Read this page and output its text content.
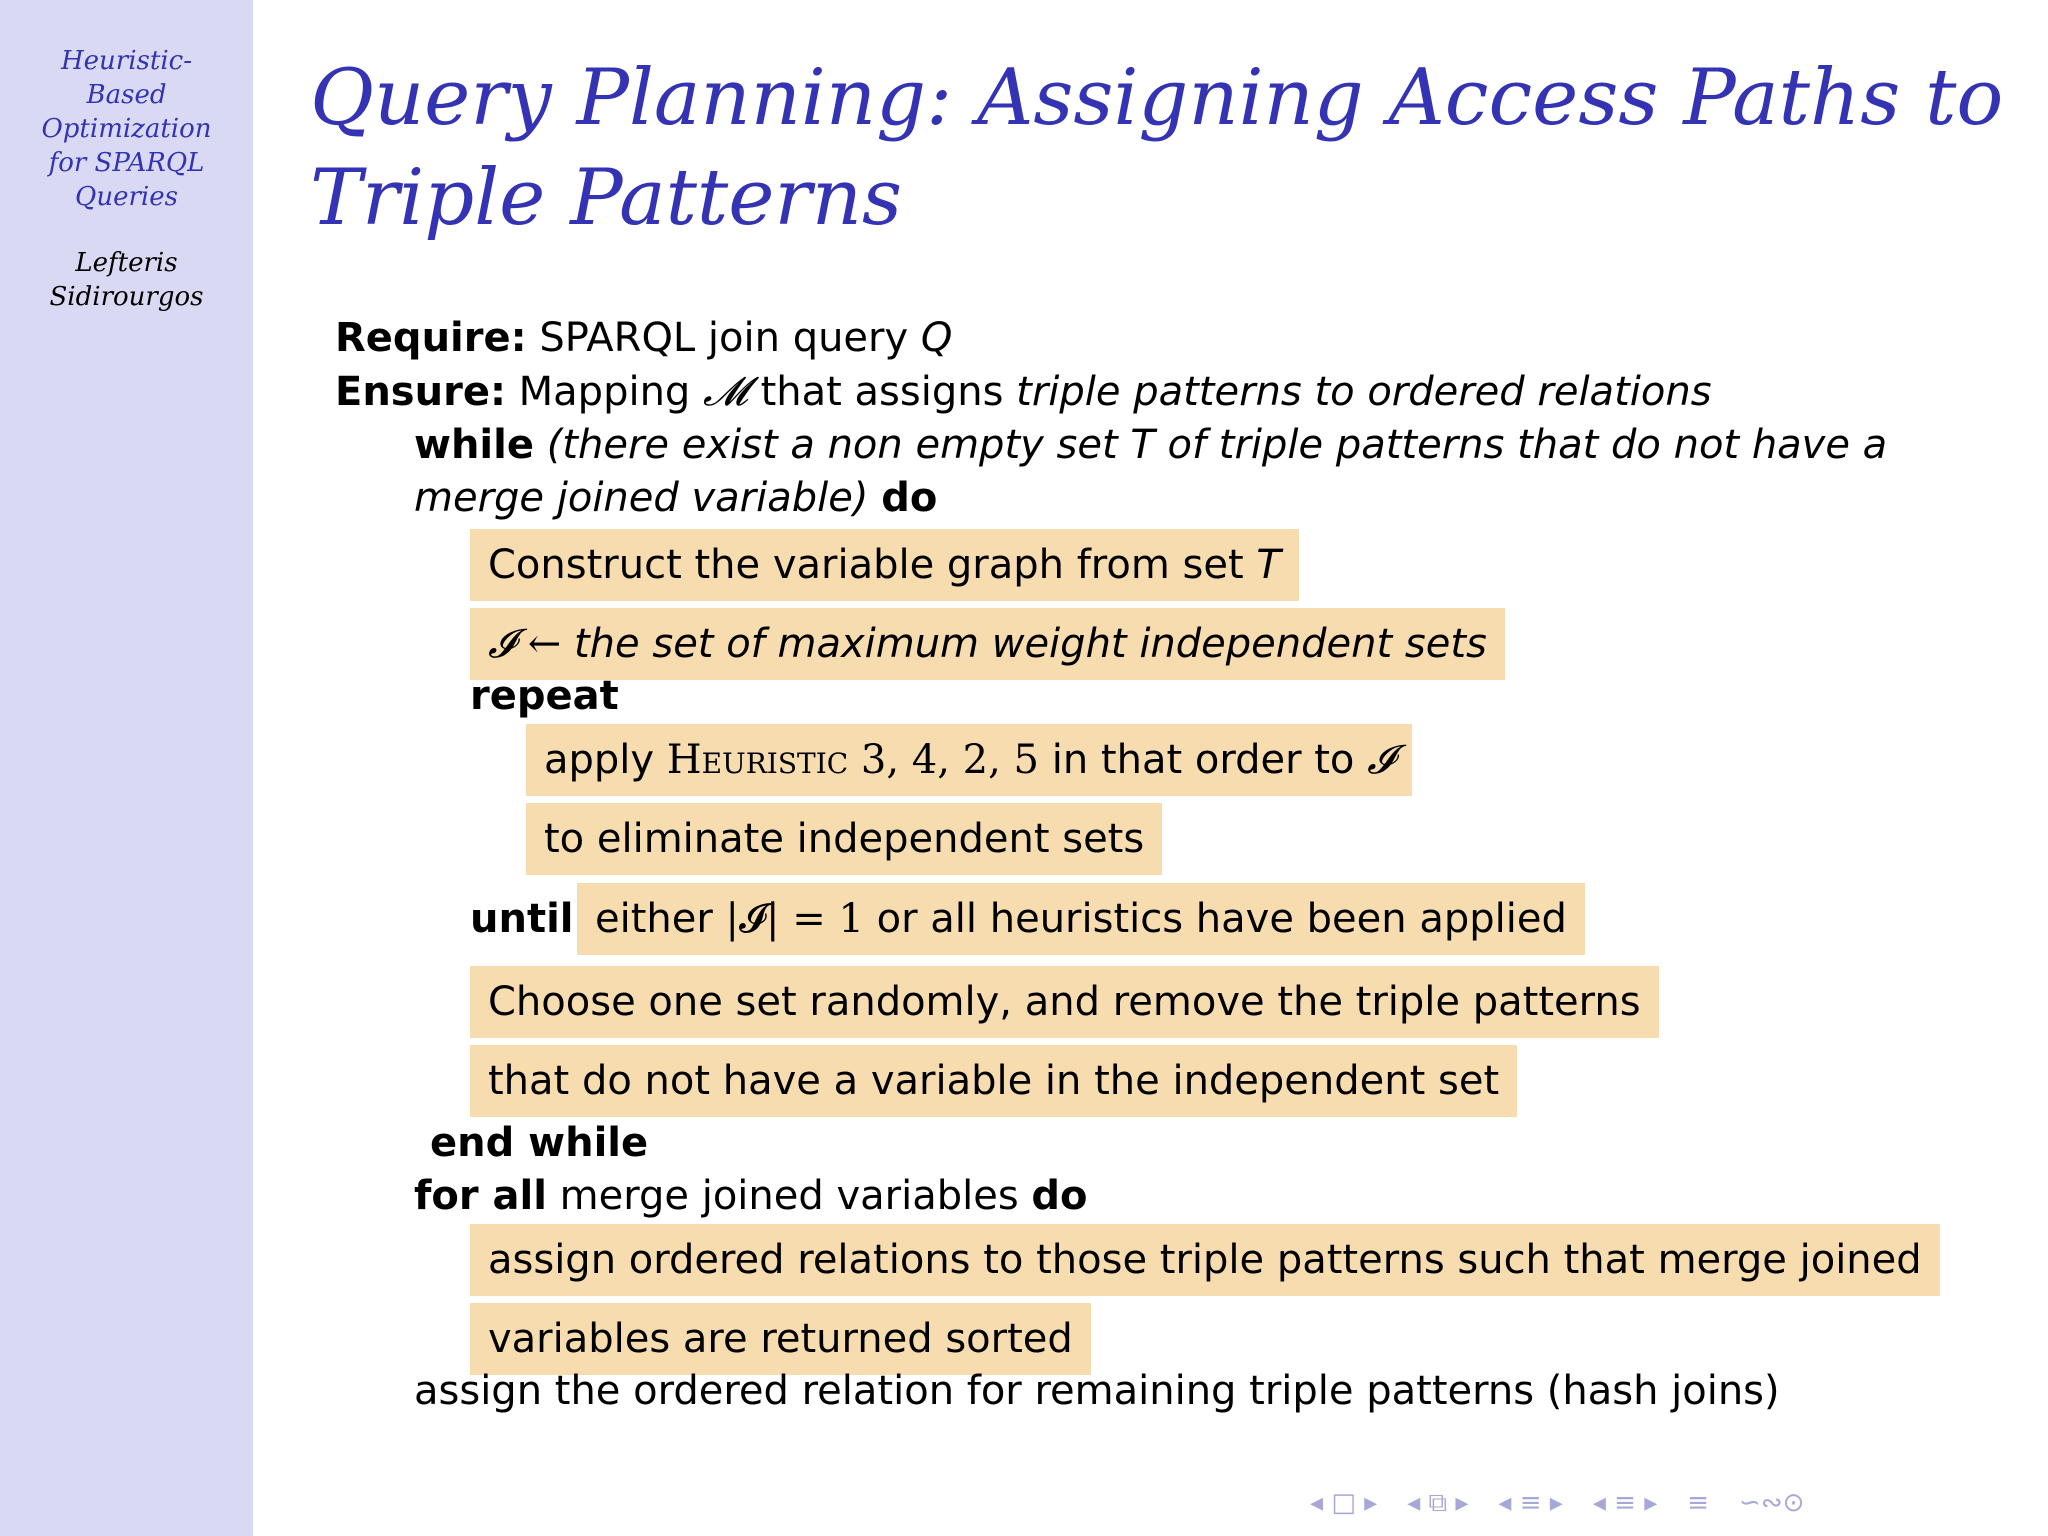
Heuristic-
Based
Optimization
for SPARQL
Queries
Lefteris
Sidirourgos
Query Planning: Assigning Access Paths to
Triple Patterns
Require: SPARQL join query Q
Ensure: Mapping 𝓜 that assigns triple patterns to ordered relations
while (there exist a non empty set T of triple patterns that do not have a
merge joined variable) do
Construct the variable graph from set
T
𝓘 ←
the set of maximum weight independent sets
repeat
apply
Heuristic
3, 4, 2, 5
in that order to
𝓘
to eliminate independent sets
until either
|𝓘| = 1
or all heuristics have been applied
Choose one set randomly, and remove the triple patterns
that do not have a variable in the independent set
end while
for all merge joined variables do
assign ordered relations to those triple patterns such that merge joined
variables are returned sorted
assign the ordered relation for remaining triple patterns (hash joins)
◂ □ ▸ ◂ ⧉ ▸ ◂ ≡ ▸ ◂ ≡ ▸ ≡ ∽∾⊙
